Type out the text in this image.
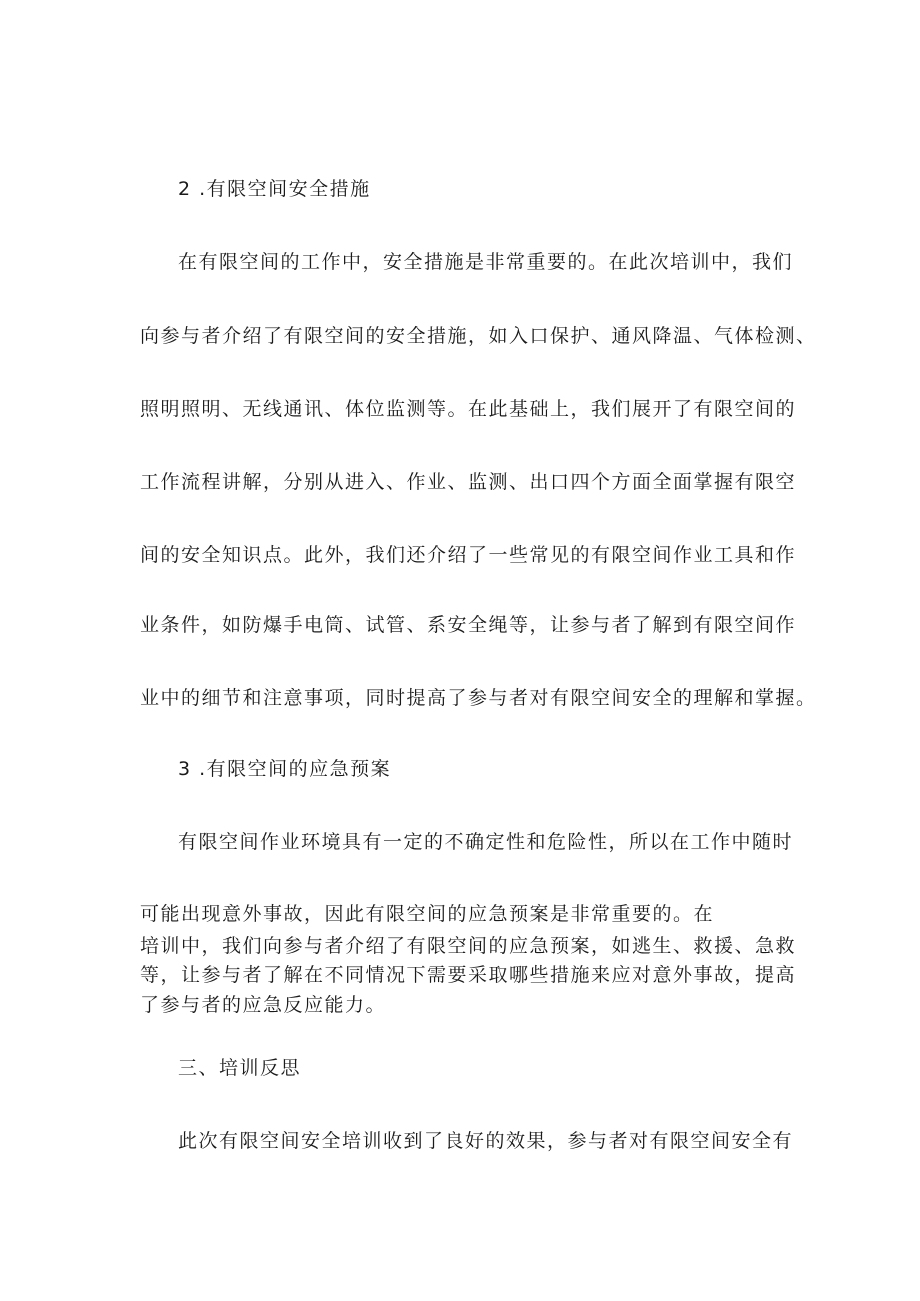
2 .有限空间安全措施
在有限空间的工作中，安全措施是非常重要的。在此次培训中，我们
向参与者介绍了有限空间的安全措施，如入口保护、通风降温、气体检测、
照明照明、无线通讯、体位监测等。在此基础上，我们展开了有限空间的
工作流程讲解，分别从进入、作业、监测、出口四个方面全面掌握有限空
间的安全知识点。此外，我们还介绍了一些常见的有限空间作业工具和作
业条件，如防爆手电筒、试管、系安全绳等，让参与者了解到有限空间作
业中的细节和注意事项，同时提高了参与者对有限空间安全的理解和掌握。
3 .有限空间的应急预案
有限空间作业环境具有一定的不确定性和危险性，所以在工作中随时
可能出现意外事故，因此有限空间的应急预案是非常重要的。在
培训中，我们向参与者介绍了有限空间的应急预案，如逃生、救援、急救
等，让参与者了解在不同情况下需要采取哪些措施来应对意外事故，提高
了参与者的应急反应能力。
三、培训反思
此次有限空间安全培训收到了良好的效果，参与者对有限空间安全有
